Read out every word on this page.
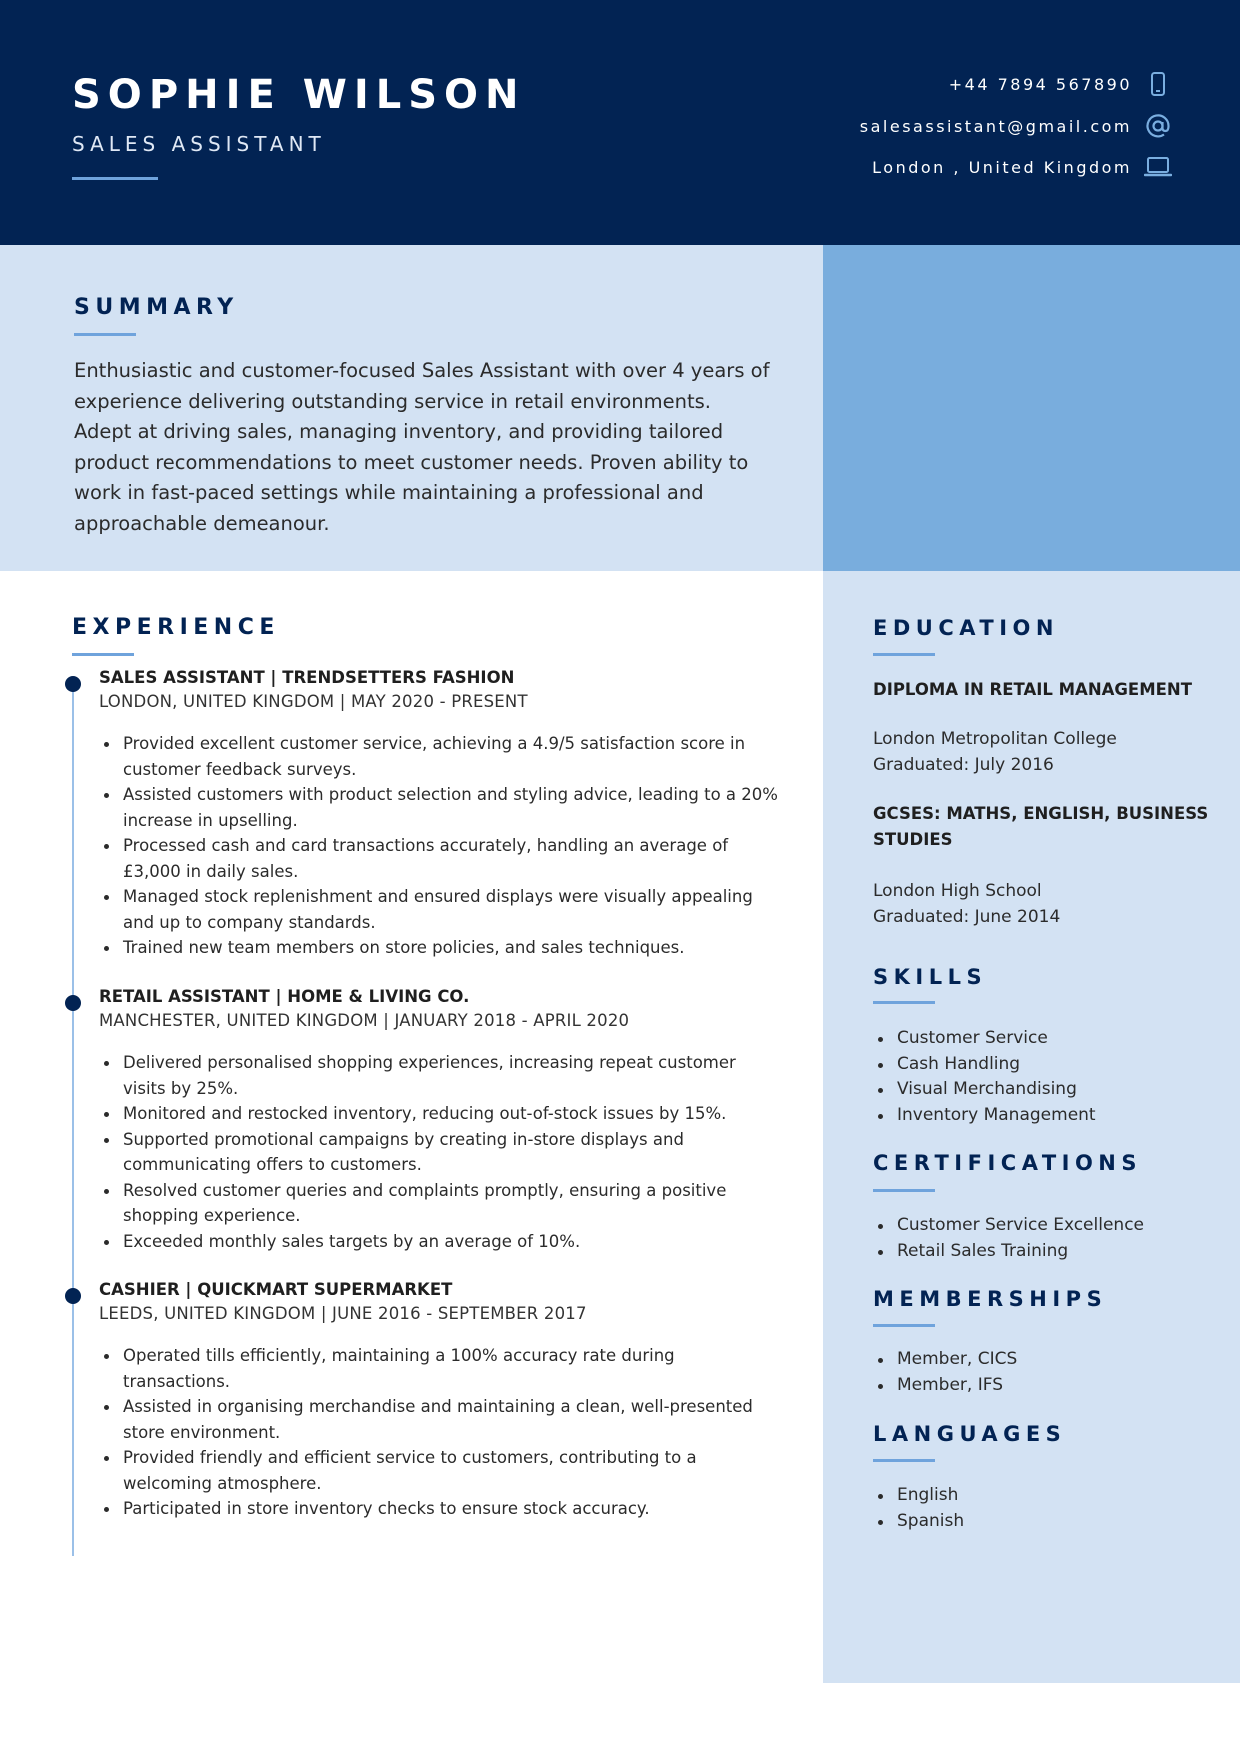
SOPHIE WILSON
SALES ASSISTANT
+44 7894 567890
salesassistant@gmail.com
London , United Kingdom
SUMMARY

Enthusiastic and customer-focused Sales Assistant with over 4 years of experience delivering outstanding service in retail environments. Adept at driving sales, managing inventory, and providing tailored product recommendations to meet customer needs. Proven ability to work in fast-paced settings while maintaining a professional and approachable demeanour.

EXPERIENCE
SALES ASSISTANT | TRENDSETTERS FASHION
LONDON, UNITED KINGDOM | MAY 2020 - PRESENT
Provided excellent customer service, achieving a 4.9/5 satisfaction score in customer feedback surveys.
Assisted customers with product selection and styling advice, leading to a 20% increase in upselling.
Processed cash and card transactions accurately, handling an average of £3,000 in daily sales.
Managed stock replenishment and ensured displays were visually appealing and up to company standards.
Trained new team members on store policies, and sales techniques.
RETAIL ASSISTANT | HOME & LIVING CO.
MANCHESTER, UNITED KINGDOM | JANUARY 2018 - APRIL 2020
Delivered personalised shopping experiences, increasing repeat customer visits by 25%.
Monitored and restocked inventory, reducing out-of-stock issues by 15%.
Supported promotional campaigns by creating in-store displays and communicating offers to customers.
Resolved customer queries and complaints promptly, ensuring a positive shopping experience.
Exceeded monthly sales targets by an average of 10%.
CASHIER | QUICKMART SUPERMARKET
LEEDS, UNITED KINGDOM | JUNE 2016 - SEPTEMBER 2017
Operated tills efficiently, maintaining a 100% accuracy rate during transactions.
Assisted in organising merchandise and maintaining a clean, well-presented store environment.
Provided friendly and efficient service to customers, contributing to a welcoming atmosphere.
Participated in store inventory checks to ensure stock accuracy.
EDUCATION
DIPLOMA IN RETAIL MANAGEMENT
London Metropolitan College
Graduated: July 2016
GCSES: MATHS, ENGLISH, BUSINESS STUDIES
London High School
Graduated: June 2014
SKILLS
Customer Service
Cash Handling
Visual Merchandising
Inventory Management
CERTIFICATIONS
Customer Service Excellence
Retail Sales Training
MEMBERSHIPS
Member, CICS
Member, IFS
LANGUAGES
English
Spanish
